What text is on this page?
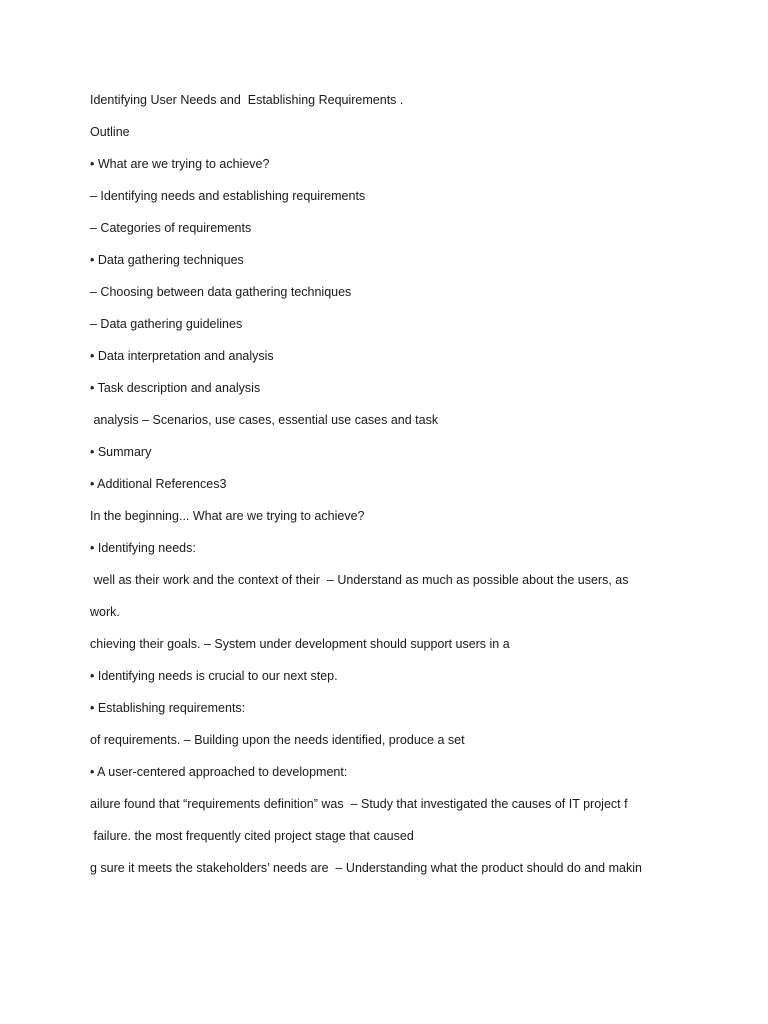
Identifying User Needs and  Establishing Requirements .
Outline
• What are we trying to achieve?
– Identifying needs and establishing requirements
– Categories of requirements
• Data gathering techniques
– Choosing between data gathering techniques
– Data gathering guidelines
• Data interpretation and analysis
• Task description and analysis
analysis – Scenarios, use cases, essential use cases and task
• Summary
• Additional References3
In the beginning... What are we trying to achieve?
• Identifying needs:
well as their work and the context of their  – Understand as much as possible about the users, as
work.
chieving their goals. – System under development should support users in a
• Identifying needs is crucial to our next step.
• Establishing requirements:
of requirements. – Building upon the needs identified, produce a set
• A user-centered approached to development:
ailure found that “requirements definition” was  – Study that investigated the causes of IT project f
failure. the most frequently cited project stage that caused
g sure it meets the stakeholders’ needs are  – Understanding what the product should do and makin
